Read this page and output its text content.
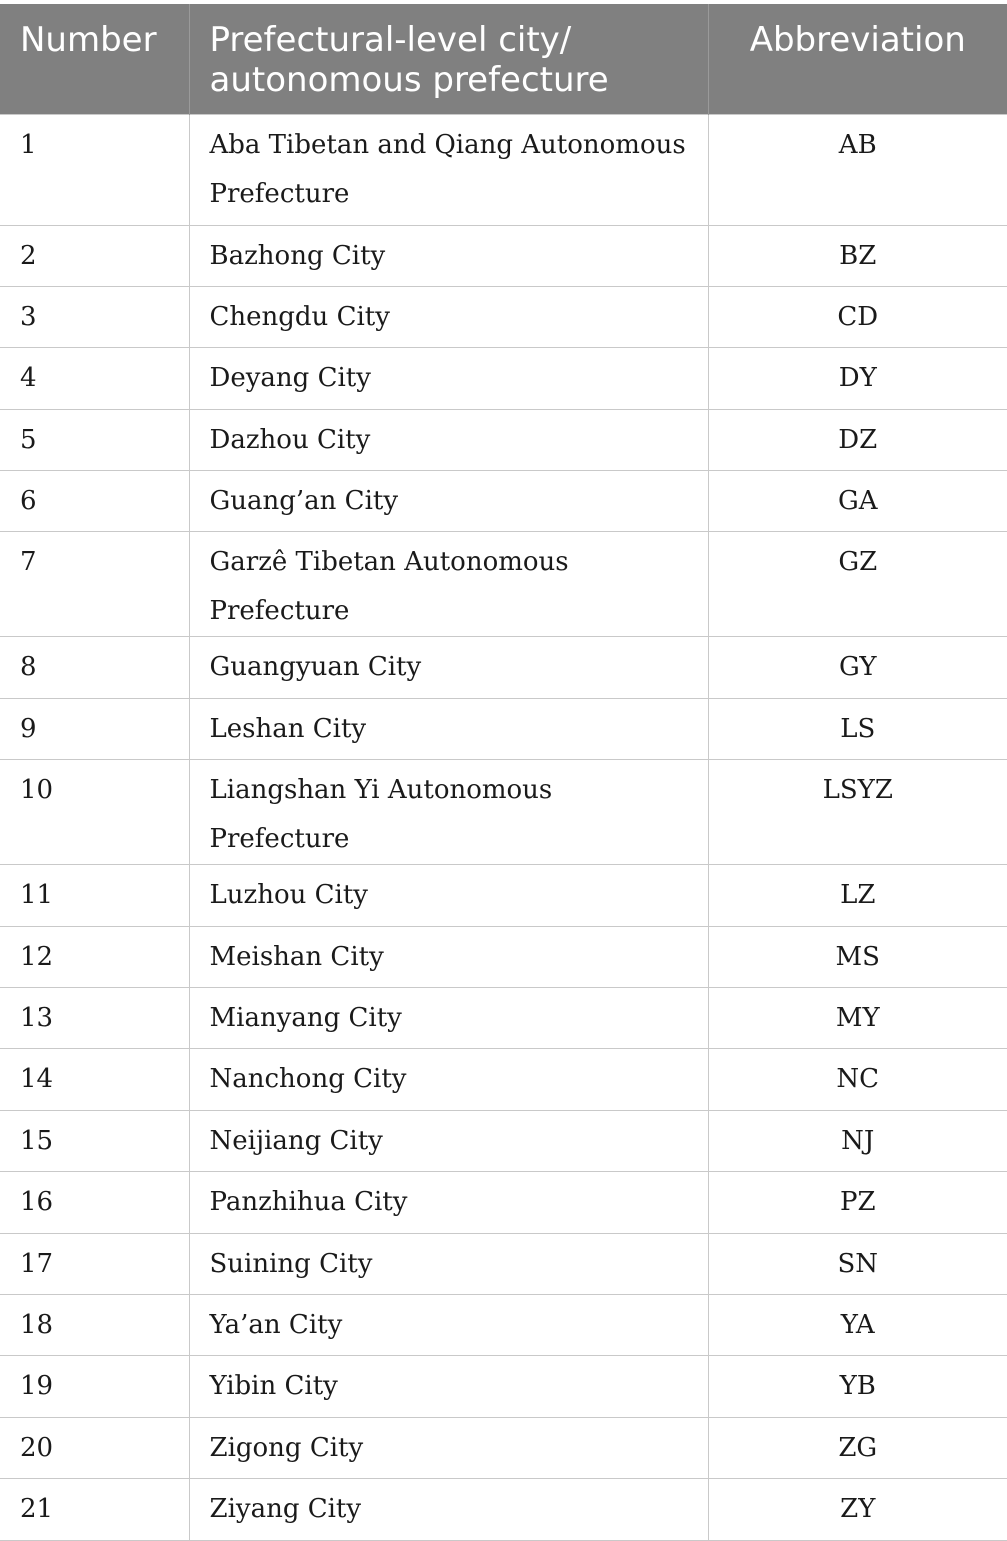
Number	Prefectural-level city/ autonomous prefecture	Abbreviation
1	Aba Tibetan and Qiang Autonomous Prefecture	AB
2	Bazhong City	BZ
3	Chengdu City	CD
4	Deyang City	DY
5	Dazhou City	DZ
6	Guang’an City	GA
7	Garzê Tibetan Autonomous Prefecture	GZ
8	Guangyuan City	GY
9	Leshan City	LS
10	Liangshan Yi Autonomous Prefecture	LSYZ
11	Luzhou City	LZ
12	Meishan City	MS
13	Mianyang City	MY
14	Nanchong City	NC
15	Neijiang City	NJ
16	Panzhihua City	PZ
17	Suining City	SN
18	Ya’an City	YA
19	Yibin City	YB
20	Zigong City	ZG
21	Ziyang City	ZY
